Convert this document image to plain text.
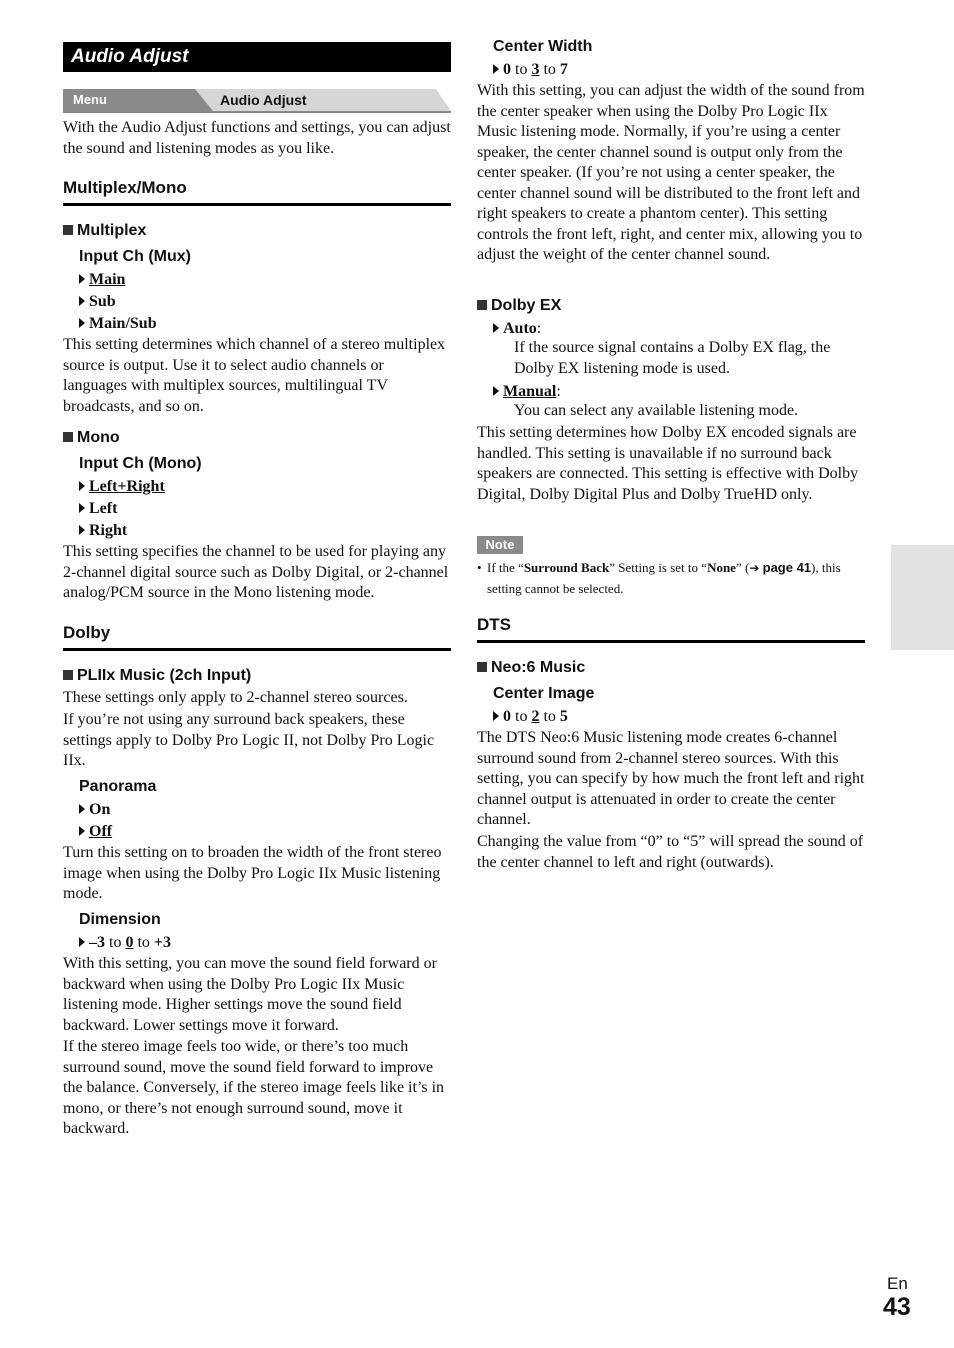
Audio Adjust
Menu	Audio Adjust
With the Audio Adjust functions and settings, you can adjust the sound and listening modes as you like.
Multiplex/Mono
Multiplex
Input Ch (Mux)
Main
Sub
Main/Sub
This setting determines which channel of a stereo multiplex source is output. Use it to select audio channels or languages with multiplex sources, multilingual TV broadcasts, and so on.
Mono
Input Ch (Mono)
Left+Right
Left
Right
This setting specifies the channel to be used for playing any 2-channel digital source such as Dolby Digital, or 2-channel analog/PCM source in the Mono listening mode.
Dolby
PLIIx Music (2ch Input)
These settings only apply to 2-channel stereo sources.
If you’re not using any surround back speakers, these settings apply to Dolby Pro Logic II, not Dolby Pro Logic IIx.
Panorama
On
Off
Turn this setting on to broaden the width of the front stereo image when using the Dolby Pro Logic IIx Music listening mode.
Dimension
–3 to 0 to +3
With this setting, you can move the sound field forward or backward when using the Dolby Pro Logic IIx Music listening mode. Higher settings move the sound field backward. Lower settings move it forward.
If the stereo image feels too wide, or there’s too much surround sound, move the sound field forward to improve the balance. Conversely, if the stereo image feels like it’s in mono, or there’s not enough surround sound, move it backward.
Center Width
0 to 3 to 7
With this setting, you can adjust the width of the sound from the center speaker when using the Dolby Pro Logic IIx Music listening mode. Normally, if you’re using a center speaker, the center channel sound is output only from the center speaker. (If you’re not using a center speaker, the center channel sound will be distributed to the front left and right speakers to create a phantom center). This setting controls the front left, right, and center mix, allowing you to adjust the weight of the center channel sound.
Dolby EX
Auto:
If the source signal contains a Dolby EX flag, the Dolby EX listening mode is used.
Manual:
You can select any available listening mode.
This setting determines how Dolby EX encoded signals are handled. This setting is unavailable if no surround back speakers are connected. This setting is effective with Dolby Digital, Dolby Digital Plus and Dolby TrueHD only.
Note
• If the “Surround Back” Setting is set to “None” (➔ page 41), this setting cannot be selected.
DTS
Neo:6 Music
Center Image
0 to 2 to 5
The DTS Neo:6 Music listening mode creates 6-channel surround sound from 2-channel stereo sources. With this setting, you can specify by how much the front left and right channel output is attenuated in order to create the center channel.
Changing the value from “0” to “5” will spread the sound of the center channel to left and right (outwards).
En
43
